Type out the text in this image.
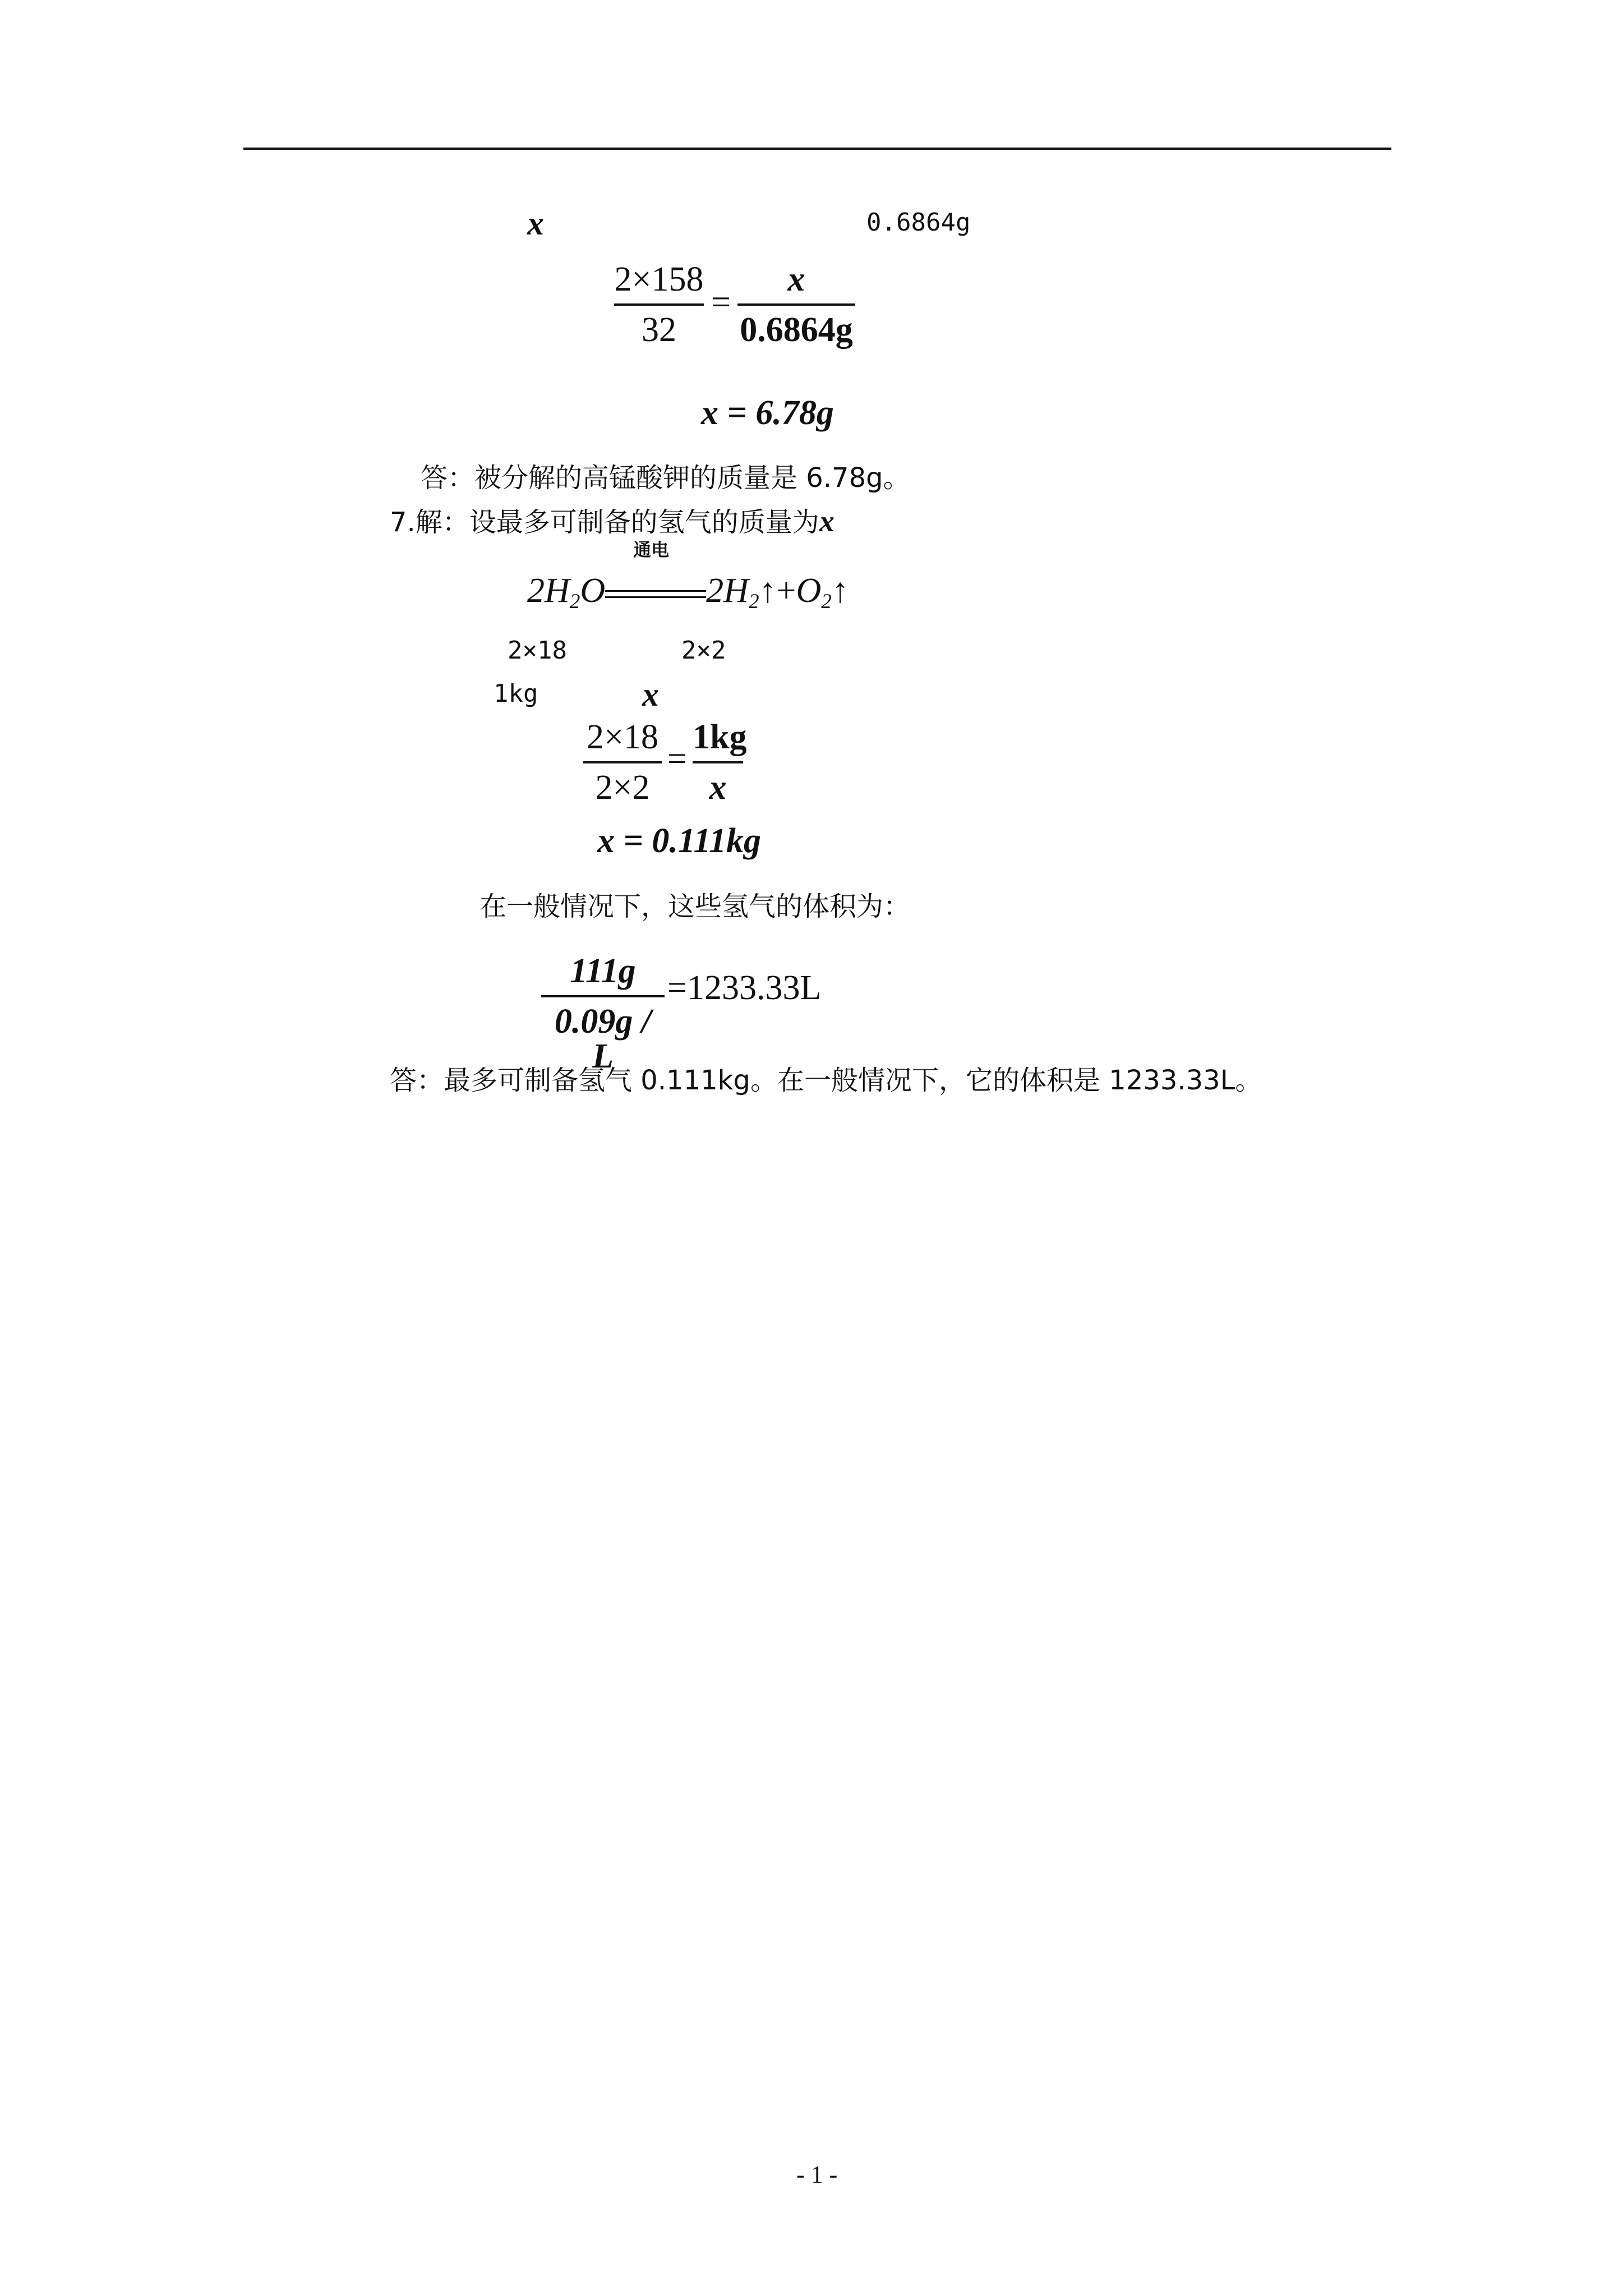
x	0.6864g
2×158
32
=
x
0.6864g
x = 6.78g
答：被分解的高锰酸钾的质量是 6.78g。
7.解：设最多可制备的氢气的质量为x
$2H_2O$
通电
$2H_2↑+O_2↑$
2×18	2×2
1kg	x
2×18
2×2
=
1kg
x
x = 0.111kg
在一般情况下，这些氢气的体积为：
111g
0.09g / L
=1233.33L
答：最多可制备氢气 0.111kg。在一般情况下，它的体积是 1233.33L。
- 1 -
